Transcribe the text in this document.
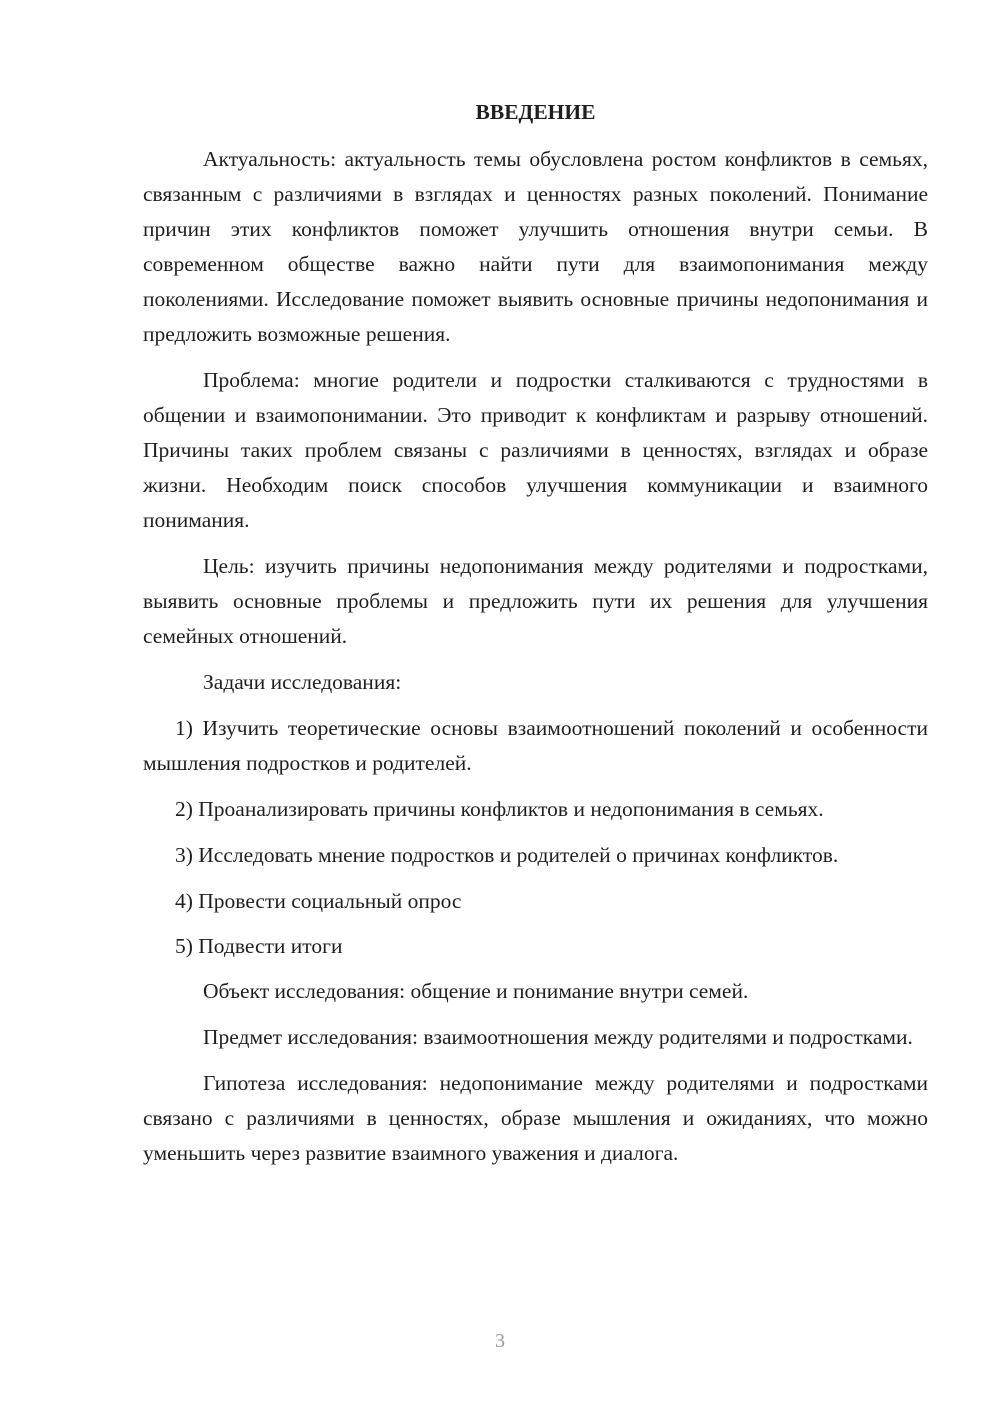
ВВЕДЕНИЕ

Актуальность: актуальность темы обусловлена ростом конфликтов в семьях, связанным с различиями в взглядах и ценностях разных поколений. Понимание причин этих конфликтов поможет улучшить отношения внутри семьи. В современном обществе важно найти пути для взаимопонимания между поколениями. Исследование поможет выявить основные причины недопонимания и предложить возможные решения.

Проблема: многие родители и подростки сталкиваются с трудностями в общении и взаимопонимании. Это приводит к конфликтам и разрыву отношений. Причины таких проблем связаны с различиями в ценностях, взглядах и образе жизни. Необходим поиск способов улучшения коммуникации и взаимного понимания.

Цель: изучить причины недопонимания между родителями и подростками, выявить основные проблемы и предложить пути их решения для улучшения семейных отношений.

Задачи исследования:

1) Изучить теоретические основы взаимоотношений поколений и особенности мышления подростков и родителей.

2) Проанализировать причины конфликтов и недопонимания в семьях.

3) Исследовать мнение подростков и родителей о причинах конфликтов.

4) Провести социальный опрос

5) Подвести итоги

Объект исследования: общение и понимание внутри семей.

Предмет исследования: взаимоотношения между родителями и подростками.

Гипотеза исследования: недопонимание между родителями и подростками связано с различиями в ценностях, образе мышления и ожиданиях, что можно уменьшить через развитие взаимного уважения и диалога.

3
